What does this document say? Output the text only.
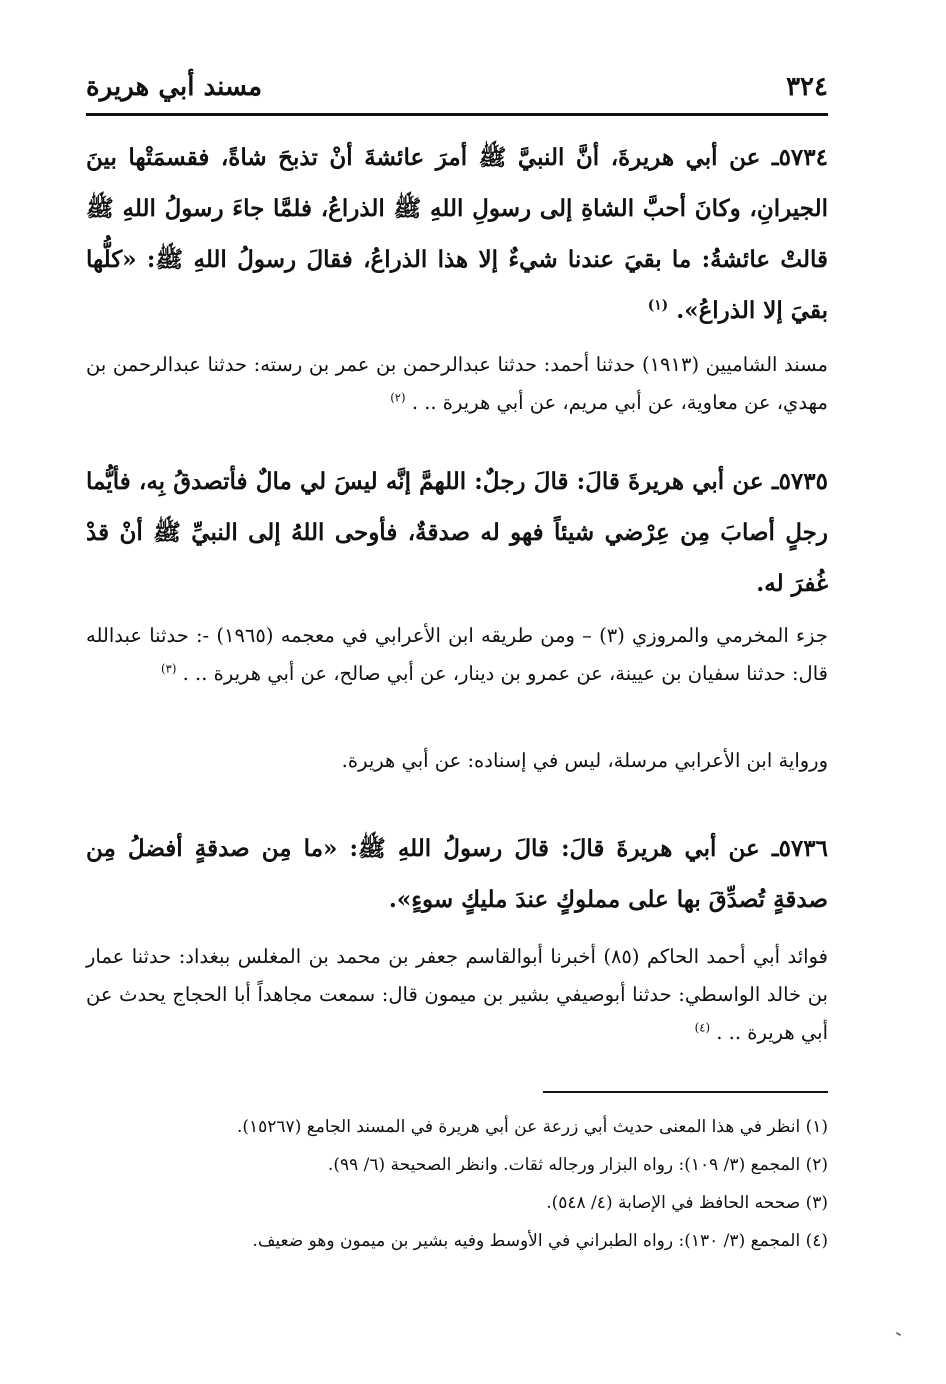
٣٢٤
مسند أبي هريرة
٥٧٣٤ـ عن أبي هريرةَ، أنَّ النبيَّ ﷺ أمرَ عائشةَ أنْ تذبحَ شاةً، فقسمَتْها بينَ الجيرانِ، وكانَ أحبَّ الشاةِ إلى رسولِ اللهِ ﷺ الذراعُ، فلمَّا جاءَ رسولُ اللهِ ﷺ قالتْ عائشةُ: ما بقيَ عندنا شيءٌ إلا هذا الذراعُ، فقالَ رسولُ اللهِ ﷺ: «كلُّها بقيَ إلا الذراعُ». $^{(١)}$
مسند الشاميين (١٩١٣) حدثنا أحمد: حدثنا عبدالرحمن بن عمر بن رسته: حدثنا عبدالرحمن بن مهدي، عن معاوية، عن أبي مريم، عن أبي هريرة .. . $^{(٢)}$
٥٧٣٥ـ عن أبي هريرةَ قالَ: قالَ رجلٌ: اللهمَّ إنَّه ليسَ لي مالٌ فأتصدقُ بِه، فأيُّما رجلٍ أصابَ مِن عِرْضي شيئاً فهو له صدقةٌ، فأوحى اللهُ إلى النبيِّ ﷺ أنْ قدْ غُفرَ له.
جزء المخرمي والمروزي (٣) – ومن طريقه ابن الأعرابي في معجمه (١٩٦٥) -: حدثنا عبدالله قال: حدثنا سفيان بن عيينة، عن عمرو بن دينار، عن أبي صالح، عن أبي هريرة .. . $^{(٣)}$
ورواية ابن الأعرابي مرسلة، ليس في إسناده: عن أبي هريرة.
٥٧٣٦ـ عن أبي هريرةَ قالَ: قالَ رسولُ اللهِ ﷺ: «ما مِن صدقةٍ أفضلُ مِن صدقةٍ تُصدِّقَ بها على مملوكٍ عندَ مليكٍ سوءٍ».
فوائد أبي أحمد الحاكم (٨٥) أخبرنا أبوالقاسم جعفر بن محمد بن المغلس ببغداد: حدثنا عمار بن خالد الواسطي: حدثنا أبوصيفي بشير بن ميمون قال: سمعت مجاهداً أبا الحجاج يحدث عن أبي هريرة .. . $^{(٤)}$
(١) انظر في هذا المعنى حديث أبي زرعة عن أبي هريرة في المسند الجامع (١٥٢٦٧).
(٢) المجمع (٣/ ١٠٩): رواه البزار ورجاله ثقات. وانظر الصحيحة (٦/ ٩٩).
(٣) صححه الحافظ في الإصابة (٤/ ٥٤٨).
(٤) المجمع (٣/ ١٣٠): رواه الطبراني في الأوسط وفيه بشير بن ميمون وهو ضعيف.
